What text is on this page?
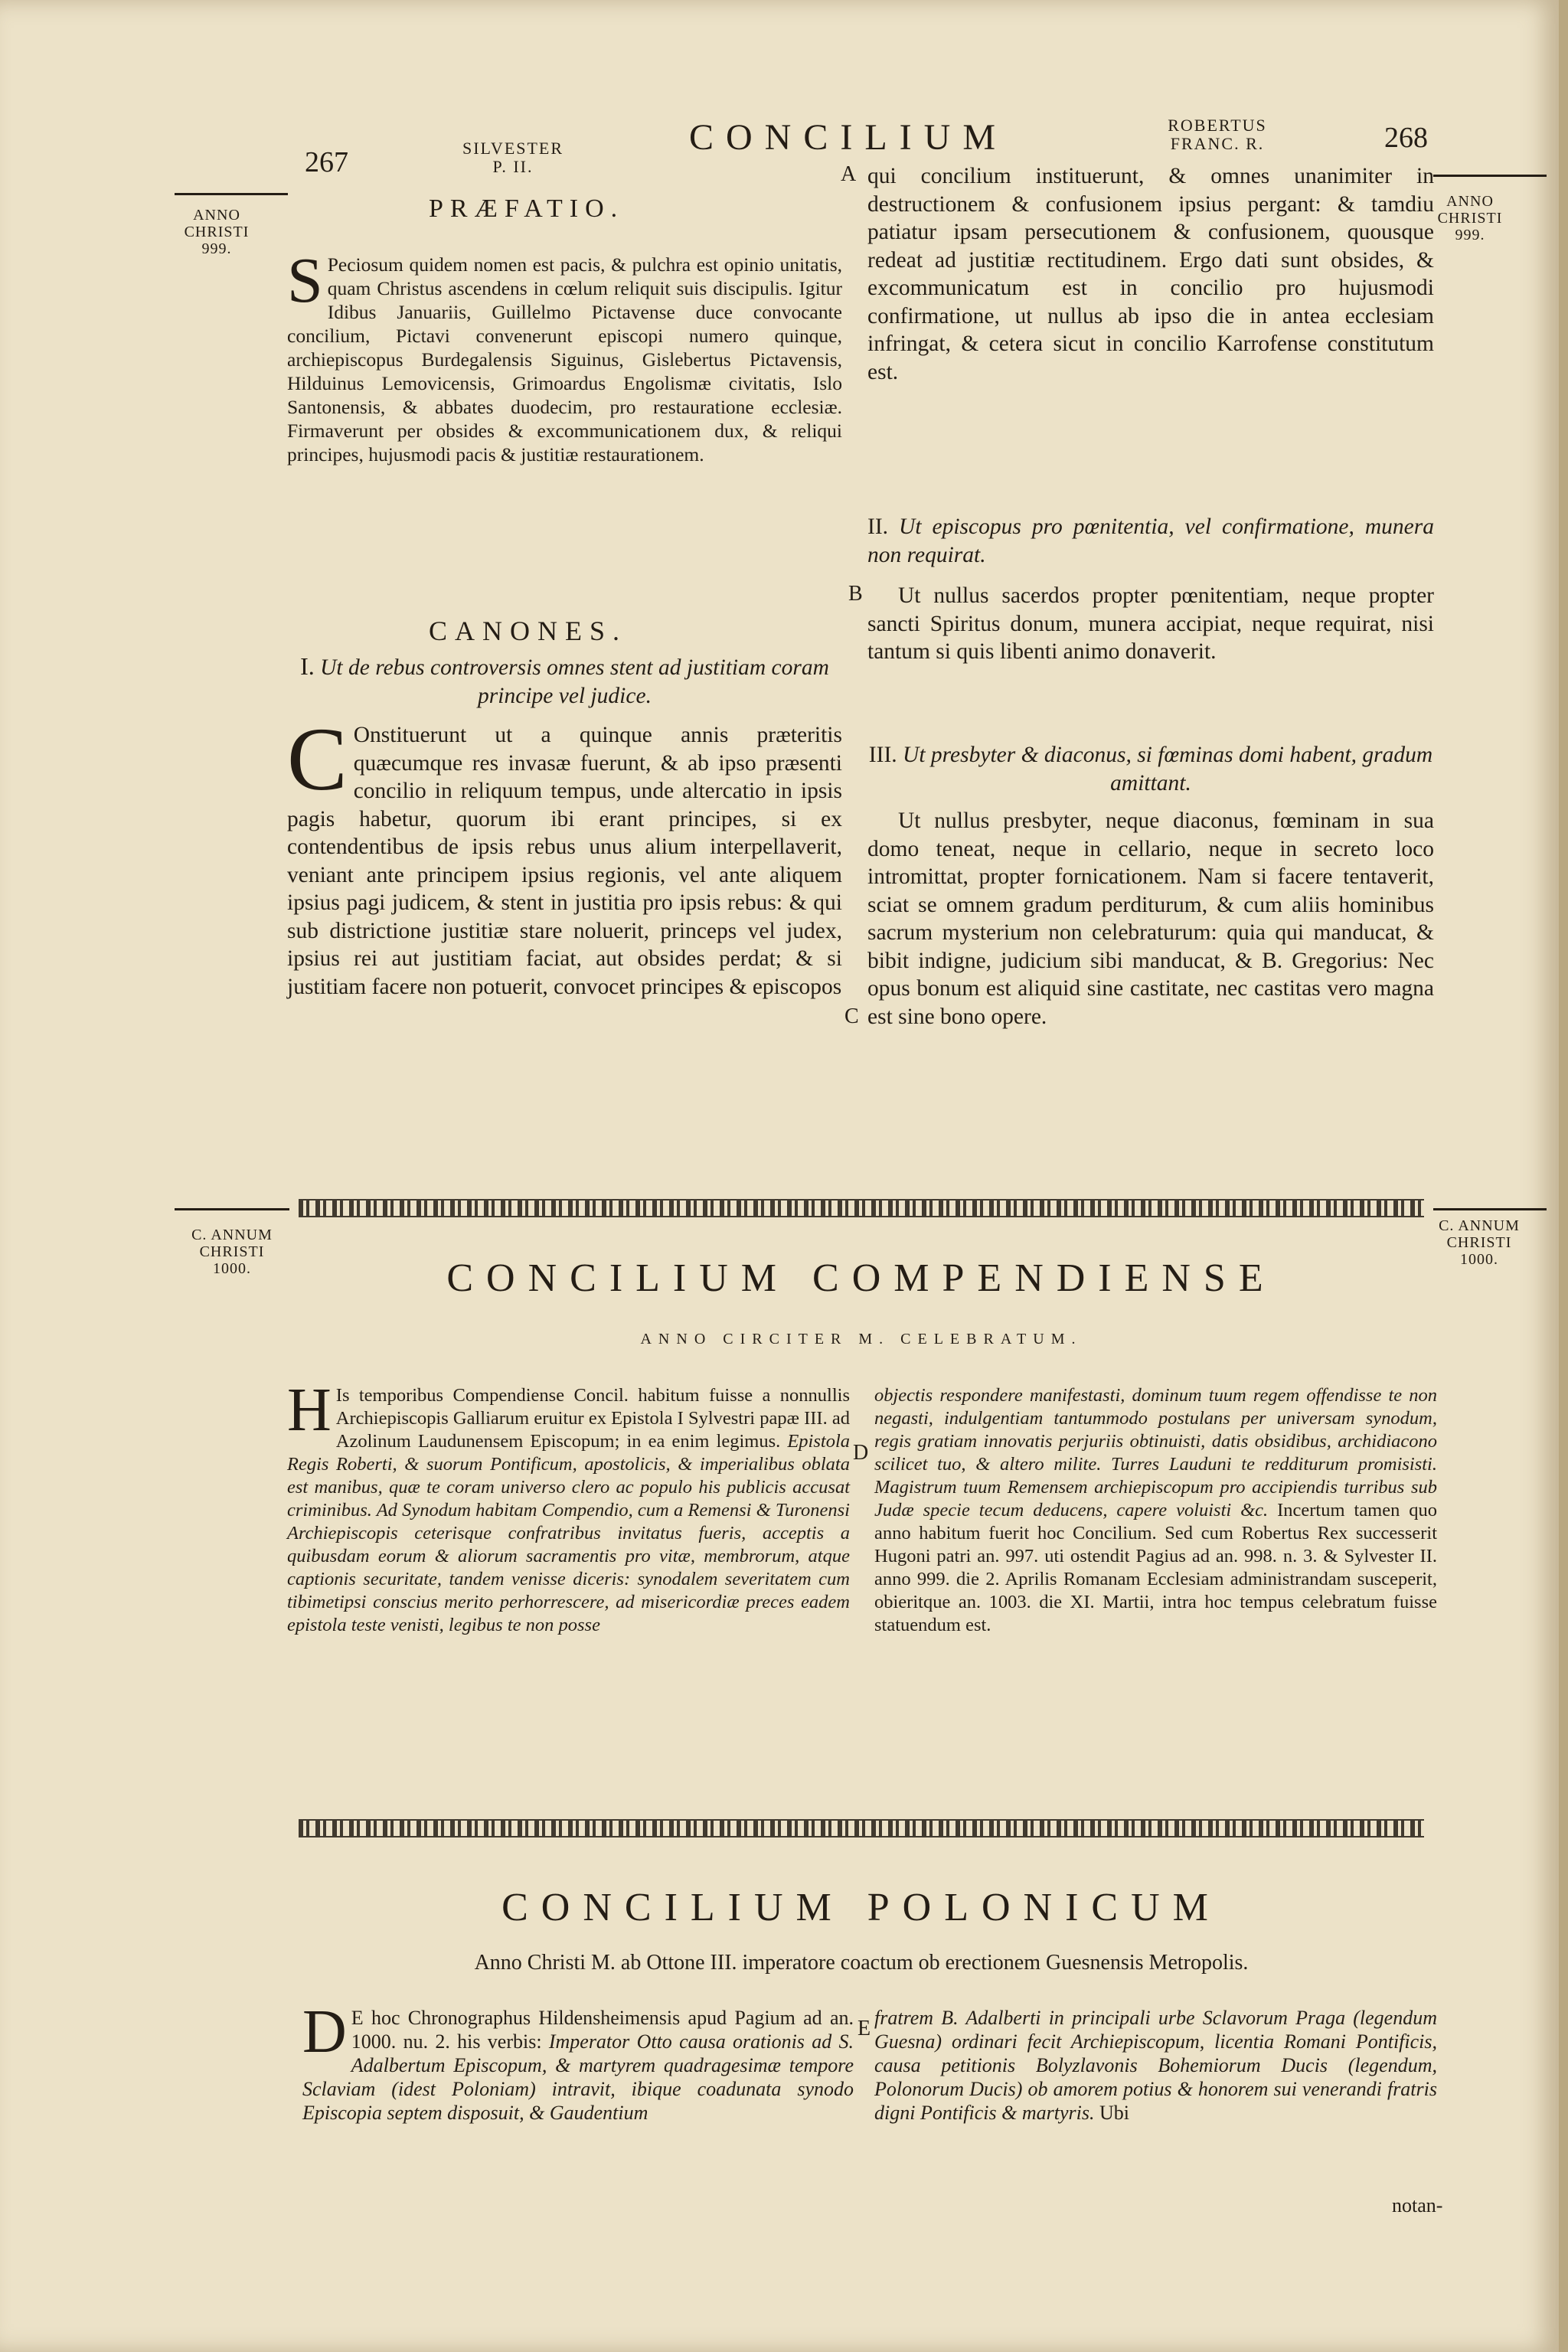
267	SILVESTER
P. II.
CONCILIUM	ROBERTUS
FRANC. R.	268
ANNO
CHRISTI
999.
ANNO
CHRISTI
999.
A
B
C
D
E
PRÆFATIO.

S Peciosum quidem nomen est pacis, & pulchra est opinio unitatis, quam Christus ascendens in cœlum reliquit suis discipulis. Igitur Idibus Januariis, Guillelmo Pictavense duce convocante concilium, Pictavi convenerunt episcopi numero quinque, archiepiscopus Burdegalensis Siguinus, Gislebertus Pictavensis, Hilduinus Lemovicensis, Grimoardus Engolismæ civitatis, Islo Santonensis, & abbates duodecim, pro restauratione ecclesiæ. Firmaverunt per obsides & excommunicationem dux, & reliqui principes, hujusmodi pacis & justitiæ restaurationem.

CANONES.

I. Ut de rebus controversis omnes stent ad justitiam coram principe vel judice.

C Onstituerunt ut a quinque annis præteritis quæcumque res invasæ fuerunt, & ab ipso præsenti concilio in reliquum tempus, unde altercatio in ipsis pagis habetur, quorum ibi erant principes, si ex contendentibus de ipsis rebus unus alium interpellaverit, veniant ante principem ipsius regionis, vel ante aliquem ipsius pagi judicem, & stent in justitia pro ipsis rebus: & qui sub districtione justitiæ stare noluerit, princeps vel judex, ipsius rei aut justitiam faciat, aut obsides perdat; & si justitiam facere non potuerit, convocet principes & episcopos

qui concilium instituerunt, & omnes unanimiter in destructionem & confusionem ipsius pergant: & tamdiu patiatur ipsam persecutionem & confusionem, quousque redeat ad justitiæ rectitudinem. Ergo dati sunt obsides, & excommunicatum est in concilio pro hujusmodi confirmatione, ut nullus ab ipso die in antea ecclesiam infringat, & cetera sicut in concilio Karrofense constitutum est.

II. Ut episcopus pro pœnitentia, vel confirmatione, munera non requirat.

Ut nullus sacerdos propter pœnitentiam, neque propter sancti Spiritus donum, munera accipiat, neque requirat, nisi tantum si quis libenti animo donaverit.

III. Ut presbyter & diaconus, si fœminas domi habent, gradum amittant.

Ut nullus presbyter, neque diaconus, fœminam in sua domo teneat, neque in cellario, neque in secreto loco intromittat, propter fornicationem. Nam si facere tentaverit, sciat se omnem gradum perditurum, & cum aliis hominibus sacrum mysterium non celebraturum: quia qui manducat, & bibit indigne, judicium sibi manducat, & B. Gregorius: Nec opus bonum est aliquid sine castitate, nec castitas vero magna est sine bono opere.

C. ANNUM
CHRISTI
1000.
C. ANNUM
CHRISTI
1000.
CONCILIUM COMPENDIENSE
ANNO CIRCITER M. CELEBRATUM.

H Is temporibus Compendiense Concil. habitum fuisse a nonnullis Archiepiscopis Galliarum eruitur ex Epistola I Sylvestri papæ III. ad Azolinum Laudunensem Episcopum; in ea enim legimus. Epistola Regis Roberti, & suorum Pontificum, apostolicis, & imperialibus oblata est manibus, quæ te coram universo clero ac populo his publicis accusat criminibus. Ad Synodum habitam Compendio, cum a Remensi & Turonensi Archiepiscopis ceterisque confratribus invitatus fueris, acceptis a quibusdam eorum & aliorum sacramentis pro vitæ, membrorum, atque captionis securitate, tandem venisse diceris: synodalem severitatem cum tibimetipsi conscius merito perhorrescere, ad misericordiæ preces eadem epistola teste venisti, legibus te non posse

objectis respondere manifestasti, dominum tuum regem offendisse te non negasti, indulgentiam tantummodo postulans per universam synodum, regis gratiam innovatis perjuriis obtinuisti, datis obsidibus, archidiacono scilicet tuo, & altero milite. Turres Lauduni te redditurum promisisti. Magistrum tuum Remensem archiepiscopum pro accipiendis turribus sub Judæ specie tecum deducens, capere voluisti &c. Incertum tamen quo anno habitum fuerit hoc Concilium. Sed cum Robertus Rex successerit Hugoni patri an. 997. uti ostendit Pagius ad an. 998. n. 3. & Sylvester II. anno 999. die 2. Aprilis Romanam Ecclesiam administrandam susceperit, obieritque an. 1003. die XI. Martii, intra hoc tempus celebratum fuisse statuendum est.

CONCILIUM POLONICUM
Anno Christi M. ab Ottone III. imperatore coactum ob erectionem Guesnensis Metropolis.

D E hoc Chronographus Hildensheimensis apud Pagium ad an. 1000. nu. 2. his verbis: Imperator Otto causa orationis ad S. Adalbertum Episcopum, & martyrem quadragesimæ tempore Sclaviam (idest Poloniam) intravit, ibique coadunata synodo Episcopia septem disposuit, & Gaudentium

fratrem B. Adalberti in principali urbe Sclavorum Praga (legendum Guesna) ordinari fecit Archiepiscopum, licentia Romani Pontificis, causa petitionis Bolyzlavonis Bohemiorum Ducis (legendum, Polonorum Ducis) ob amorem potius & honorem sui venerandi fratris digni Pontificis & martyris. Ubi

notan-
